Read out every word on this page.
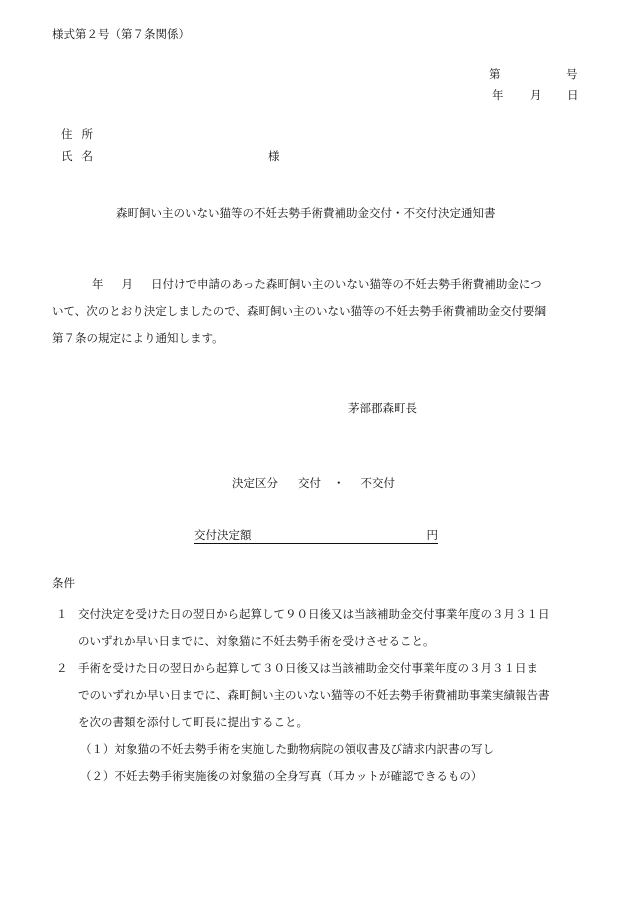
様式第２号（第７条関係）
第	号
年 月 日
住所
氏名	様
森町飼い主のいない猫等の不妊去勢手術費補助金交付・不交付決定通知書
年 月 日付けで申請のあった森町飼い主のいない猫等の不妊去勢手術費補助金につ
いて、次のとおり決定しましたので、森町飼い主のいない猫等の不妊去勢手術費補助金交付要綱
第７条の規定により通知します。
茅部郡森町長
決定区分 交付 ・ 不交付
交付決定額	円
条件
１ 交付決定を受けた日の翌日から起算して９０日後又は当該補助金交付事業年度の３月３１日
のいずれか早い日までに、対象猫に不妊去勢手術を受けさせること。
２ 手術を受けた日の翌日から起算して３０日後又は当該補助金交付事業年度の３月３１日ま
でのいずれか早い日までに、森町飼い主のいない猫等の不妊去勢手術費補助事業実績報告書
を次の書類を添付して町長に提出すること。
（１）対象猫の不妊去勢手術を実施した動物病院の領収書及び請求内訳書の写し
（２）不妊去勢手術実施後の対象猫の全身写真（耳カットが確認できるもの）
